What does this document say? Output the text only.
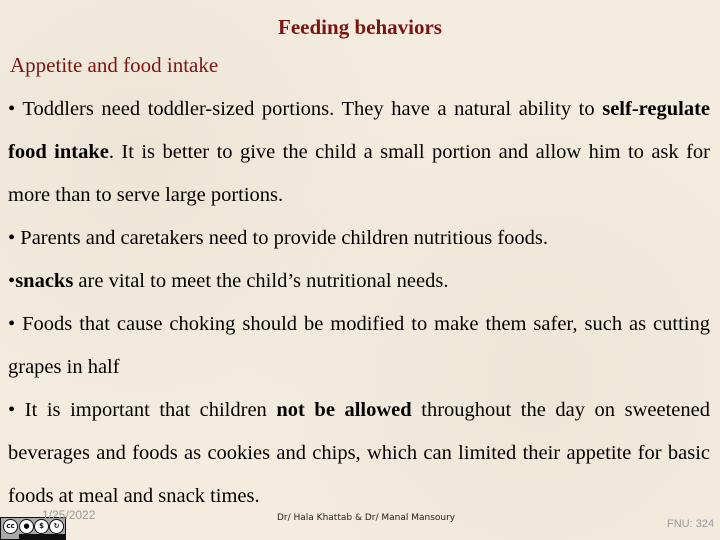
Feeding behaviors
Appetite and food intake
• Toddlers need toddler-sized portions. They have a natural ability to self-regulate food intake. It is better to give the child a small portion and allow him to ask for more than to serve large portions.
• Parents and caretakers need to provide children nutritious foods.
•snacks are vital to meet the child’s nutritional needs.
• Foods that cause choking should be modified to make them safer, such as cutting grapes in half
• It is important that children not be allowed throughout the day on sweetened beverages and foods as cookies and chips, which can limited their appetite for basic foods at meal and snack times.
cc	●	$	↻
1/25/2022	Dr/ Hala Khattab & Dr/ Manal Mansoury	FNU: 324
